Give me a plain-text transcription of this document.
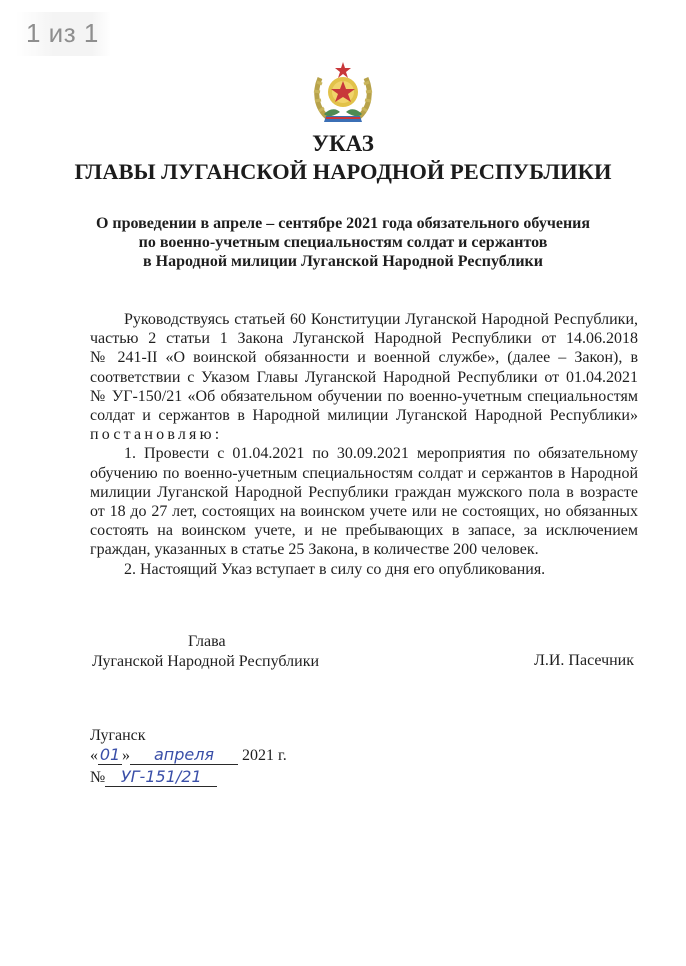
1 из 1
УКАЗ
ГЛАВЫ ЛУГАНСКОЙ НАРОДНОЙ РЕСПУБЛИКИ
О проведении в апреле – сентябре 2021 года обязательного обучения
по военно-учетным специальностям солдат и сержантов
в Народной милиции Луганской Народной Республики
Руководствуясь статьей 60 Конституции Луганской Народной Республики,
частью 2 статьи 1 Закона Луганской Народной Республики от 14.06.2018
№ 241-II «О воинской обязанности и военной службе», (далее – Закон), в
соответствии с Указом Главы Луганской Народной Республики от 01.04.2021
№ УГ-150/21 «Об обязательном обучении по военно-учетным специальностям
солдат и сержантов в Народной милиции Луганской Народной Республики»
постановляю:
1. Провести с 01.04.2021 по 30.09.2021 мероприятия по обязательному
обучению по военно-учетным специальностям солдат и сержантов в Народной
милиции Луганской Народной Республики граждан мужского пола в возрасте
от 18 до 27 лет, состоящих на воинском учете или не состоящих, но обязанных
состоять на воинском учете, и не пребывающих в запасе, за исключением
граждан, указанных в статье 25 Закона, в количестве 200 человек.
2. Настоящий Указ вступает в силу со дня его опубликования.
Глава
Луганской Народной Республики	Л.И. Пасечник
Луганск
« 01 » апреля 2021 г.
№ УГ-151/21
